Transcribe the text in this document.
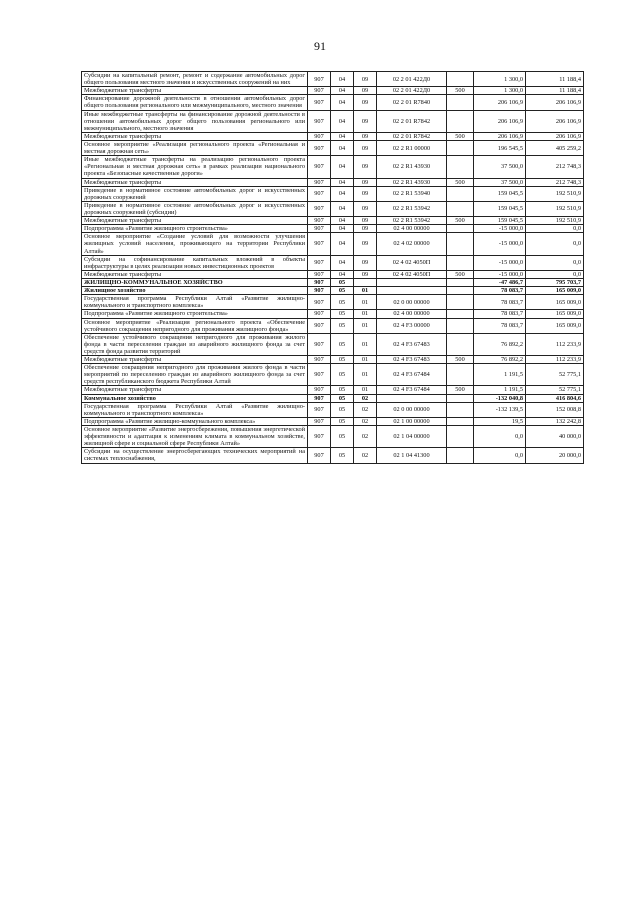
91
Субсидии на капитальный ремонт, ремонт и содержание автомобильных дорог общего пользования местного значения и искусственных сооружений на них	907	04	09	02 2 01 422Д0		1 300,0	11 188,4
Межбюджетные трансферты	907	04	09	02 2 01 422Д0	500	1 300,0	11 188,4
Финансирование дорожной деятельности в отношении автомобильных дорог общего пользования регионального или межмуниципального, местного значения	907	04	09	02 2 01 R7840		206 106,9	206 106,9
Иные межбюджетные трансферты на финансирование дорожной деятельности в отношении автомобильных дорог общего пользования регионального или межмуниципального, местного значения	907	04	09	02 2 01 R7842		206 106,9	206 106,9
Межбюджетные трансферты	907	04	09	02 2 01 R7842	500	206 106,9	206 106,9
Основное мероприятие «Реализация регионального проекта «Региональная и местная дорожная сеть»	907	04	09	02 2 R1 00000		196 545,5	405 259,2
Иные межбюджетные трансферты на реализацию регионального проекта «Региональная и местная дорожная сеть» в рамках реализации национального проекта «Безопасные качественные дороги»	907	04	09	02 2 R1 43930		37 500,0	212 748,3
Межбюджетные трансферты	907	04	09	02 2 R1 43930	500	37 500,0	212 748,3
Приведение в нормативное состояние автомобильных дорог и искусственных дорожных сооружений	907	04	09	02 2 R1 53940		159 045,5	192 510,9
Приведение в нормативное состояние автомобильных дорог и искусственных дорожных сооружений (субсидии)	907	04	09	02 2 R1 53942		159 045,5	192 510,9
Межбюджетные трансферты	907	04	09	02 2 R1 53942	500	159 045,5	192 510,9
Подпрограмма «Развитие жилищного строительства»	907	04	09	02 4 00 00000		-15 000,0	0,0
Основное мероприятие «Создание условий для возможности улучшения жилищных условий населения, проживающего на территории Республики Алтай»	907	04	09	02 4 02 00000		-15 000,0	0,0
Субсидии на софинансирование капитальных вложений в объекты инфраструктуры в целях реализации новых инвестиционных проектов	907	04	09	02 4 02 4050П		-15 000,0	0,0
Межбюджетные трансферты	907	04	09	02 4 02 4050П	500	-15 000,0	0,0
ЖИЛИЩНО-КОММУНАЛЬНОЕ ХОЗЯЙСТВО	907	05				-47 486,7	795 703,7
Жилищное хозяйство	907	05	01			78 083,7	165 009,0
Государственная программа Республики Алтай «Развитие жилищно-коммунального и транспортного комплекса»	907	05	01	02 0 00 00000		78 083,7	165 009,0
Подпрограмма «Развитие жилищного строительства»	907	05	01	02 4 00 00000		78 083,7	165 009,0
Основное мероприятие «Реализация регионального проекта «Обеспечение устойчивого сокращения непригодного для проживания жилищного фонда»	907	05	01	02 4 F3 00000		78 083,7	165 009,0
Обеспечение устойчивого сокращения непригодного для проживания жилого фонда в части переселения граждан из аварийного жилищного фонда за счет средств фонда развития территорий	907	05	01	02 4 F3 67483		76 892,2	112 233,9
Межбюджетные трансферты	907	05	01	02 4 F3 67483	500	76 892,2	112 233,9
Обеспечение сокращения непригодного для проживания жилого фонда в части мероприятий по переселению граждан из аварийного жилищного фонда за счет средств республиканского бюджета Республики Алтай	907	05	01	02 4 F3 67484		1 191,5	52 775,1
Межбюджетные трансферты	907	05	01	02 4 F3 67484	500	1 191,5	52 775,1
Коммунальное хозяйство	907	05	02			-132 040,8	416 804,6
Государственная программа Республики Алтай «Развитие жилищно-коммунального и транспортного комплекса»	907	05	02	02 0 00 00000		-132 139,5	152 008,8
Подпрограмма «Развитие жилищно-коммунального комплекса»	907	05	02	02 1 00 00000		19,5	132 242,8
Основное мероприятие «Развитие энергосбережения, повышения энергетической эффективности и адаптация к изменениям климата в коммунальном хозяйстве, жилищной сфере и социальной сфере Республики Алтай»	907	05	02	02 1 04 00000		0,0	40 000,0
Субсидии на осуществление энергосберегающих технических мероприятий на системах теплоснабжения,	907	05	02	02 1 04 41300		0,0	20 000,0
